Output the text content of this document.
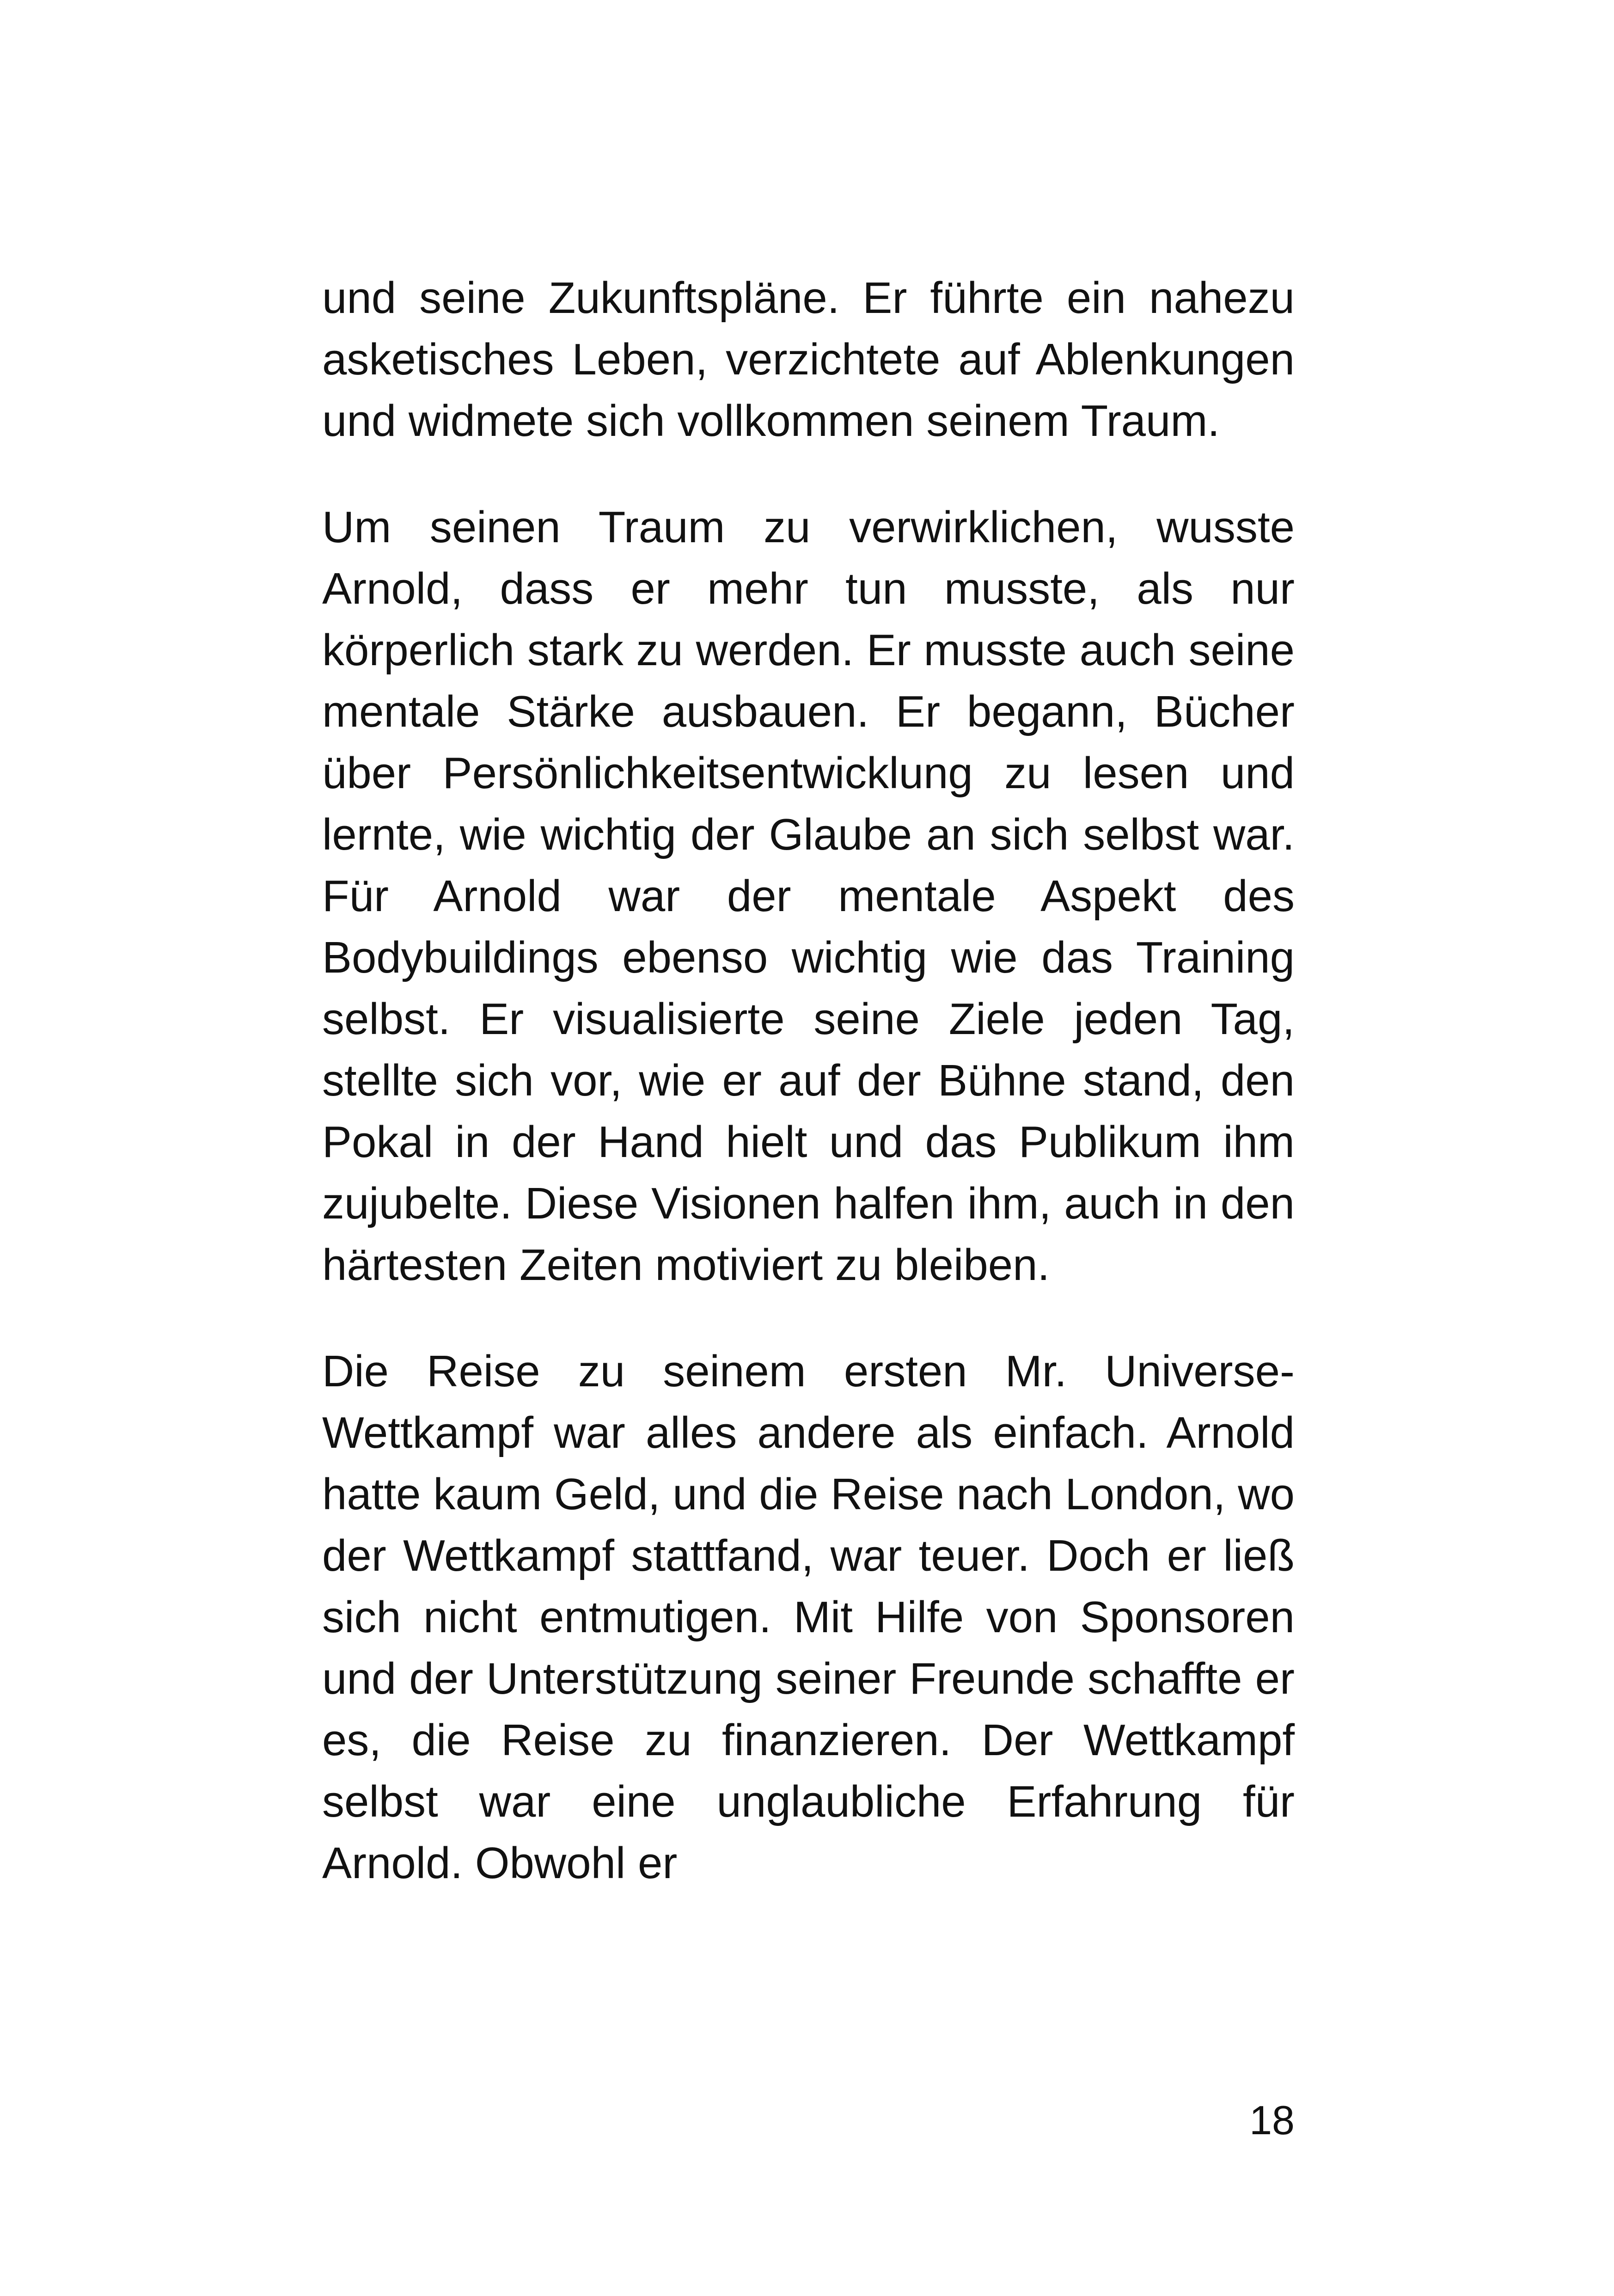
und seine Zukunftspläne. Er führte ein nahezu asketisches Leben, verzichtete auf Ablenkungen und widmete sich vollkommen seinem Traum.

Um seinen Traum zu verwirklichen, wusste Arnold, dass er mehr tun musste, als nur körperlich stark zu werden. Er musste auch seine mentale Stärke ausbauen. Er begann, Bücher über Persönlichkeitsentwicklung zu lesen und lernte, wie wichtig der Glaube an sich selbst war. Für Arnold war der mentale Aspekt des Bodybuildings ebenso wichtig wie das Training selbst. Er visualisierte seine Ziele jeden Tag, stellte sich vor, wie er auf der Bühne stand, den Pokal in der Hand hielt und das Publikum ihm zujubelte. Diese Visionen halfen ihm, auch in den härtesten Zeiten motiviert zu bleiben.

Die Reise zu seinem ersten Mr. Universe-Wettkampf war alles andere als einfach. Arnold hatte kaum Geld, und die Reise nach London, wo der Wettkampf stattfand, war teuer. Doch er ließ sich nicht entmutigen. Mit Hilfe von Sponsoren und der Unterstützung seiner Freunde schaffte er es, die Reise zu finanzieren. Der Wettkampf selbst war eine unglaubliche Erfahrung für Arnold. Obwohl er

18
